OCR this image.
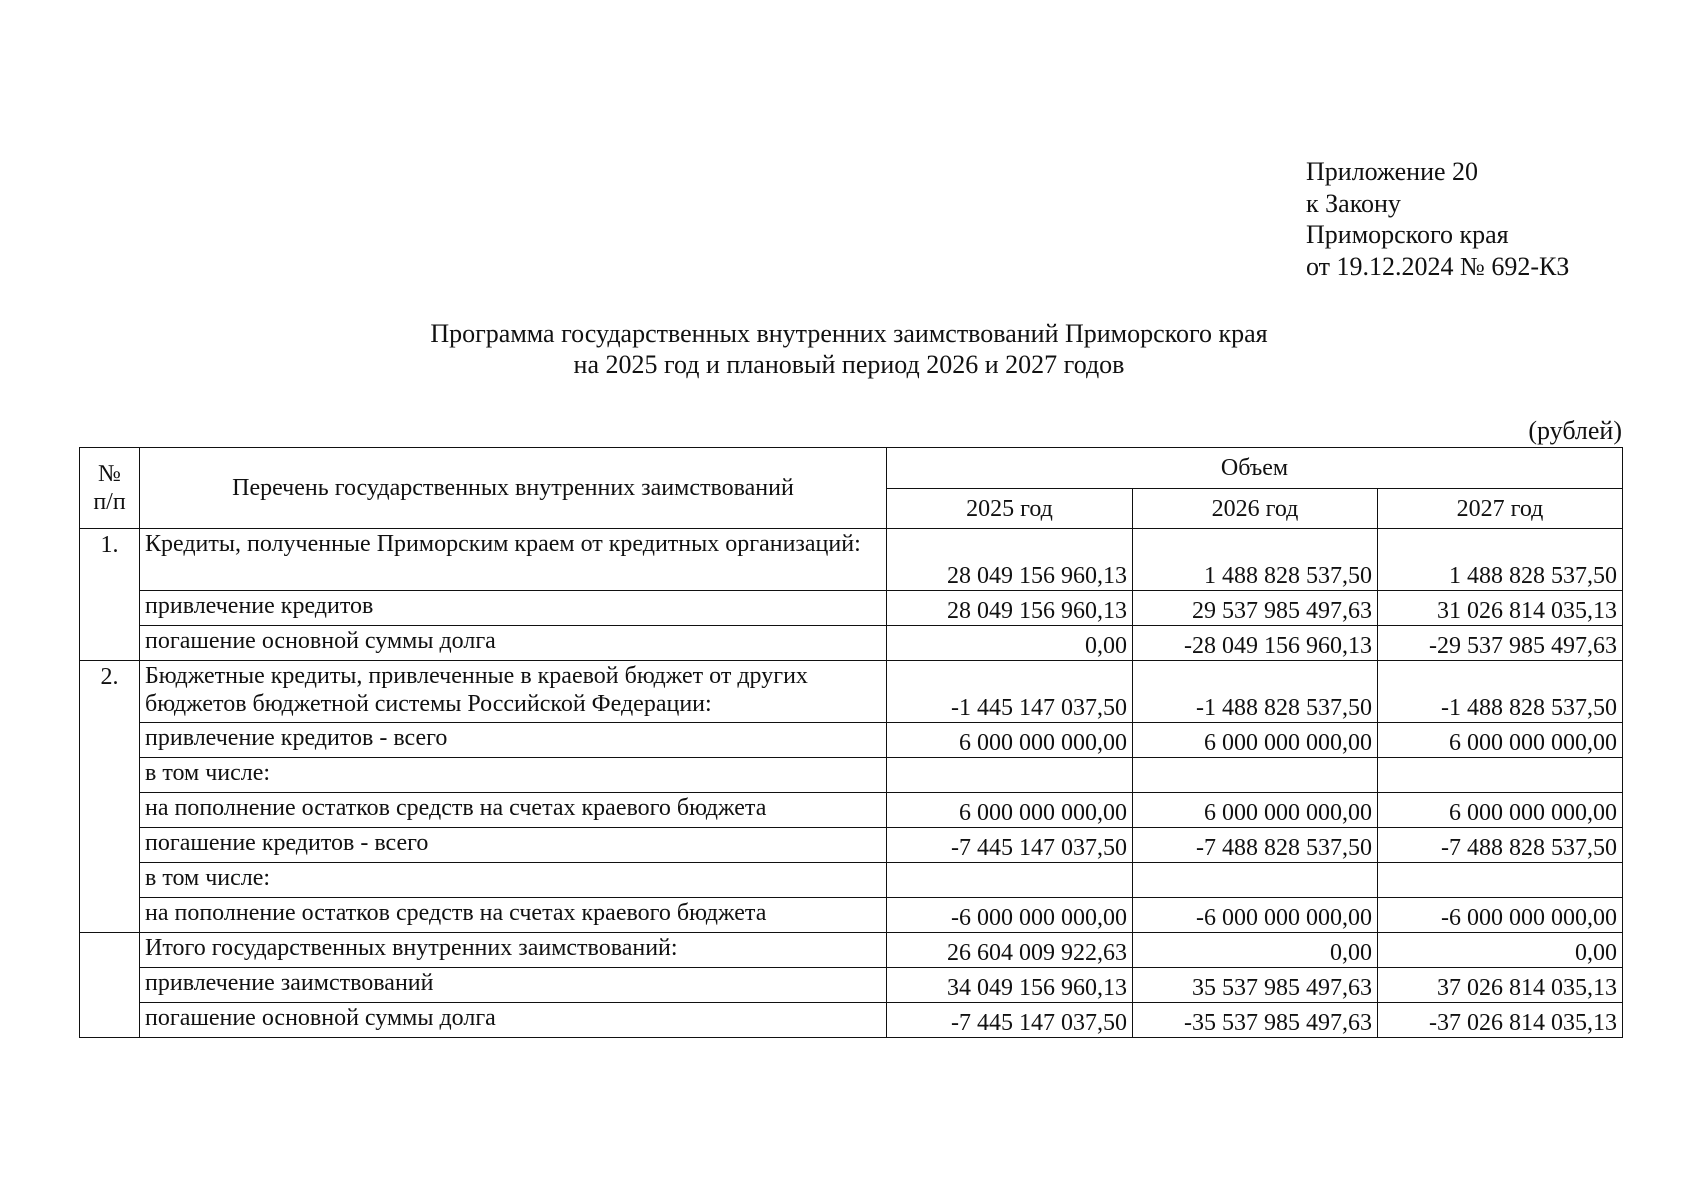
Приложение 20
к Закону
Приморского края
от 19.12.2024 № 692-КЗ
Программа государственных внутренних заимствований Приморского края
на 2025 год и плановый период 2026 и 2027 годов
(рублей)
№
п/п	Перечень государственных внутренних заимствований	Объем		
		2025 год	2026 год	2027 год
1.	Кредиты, полученные Приморским краем от кредитных организаций:	28 049 156 960,13	1 488 828 537,50	1 488 828 537,50
	привлечение кредитов	28 049 156 960,13	29 537 985 497,63	31 026 814 035,13
	погашение основной суммы долга	0,00	-28 049 156 960,13	-29 537 985 497,63
2.	Бюджетные кредиты, привлеченные в краевой бюджет от других бюджетов бюджетной системы Российской Федерации:	-1 445 147 037,50	-1 488 828 537,50	-1 488 828 537,50
	привлечение кредитов - всего	6 000 000 000,00	6 000 000 000,00	6 000 000 000,00
	в том числе:			
	на пополнение остатков средств на счетах краевого бюджета	6 000 000 000,00	6 000 000 000,00	6 000 000 000,00
	погашение кредитов - всего	-7 445 147 037,50	-7 488 828 537,50	-7 488 828 537,50
	в том числе:			
	на пополнение остатков средств на счетах краевого бюджета	-6 000 000 000,00	-6 000 000 000,00	-6 000 000 000,00
	Итого государственных внутренних заимствований:	26 604 009 922,63	0,00	0,00
	привлечение заимствований	34 049 156 960,13	35 537 985 497,63	37 026 814 035,13
	погашение основной суммы долга	-7 445 147 037,50	-35 537 985 497,63	-37 026 814 035,13
